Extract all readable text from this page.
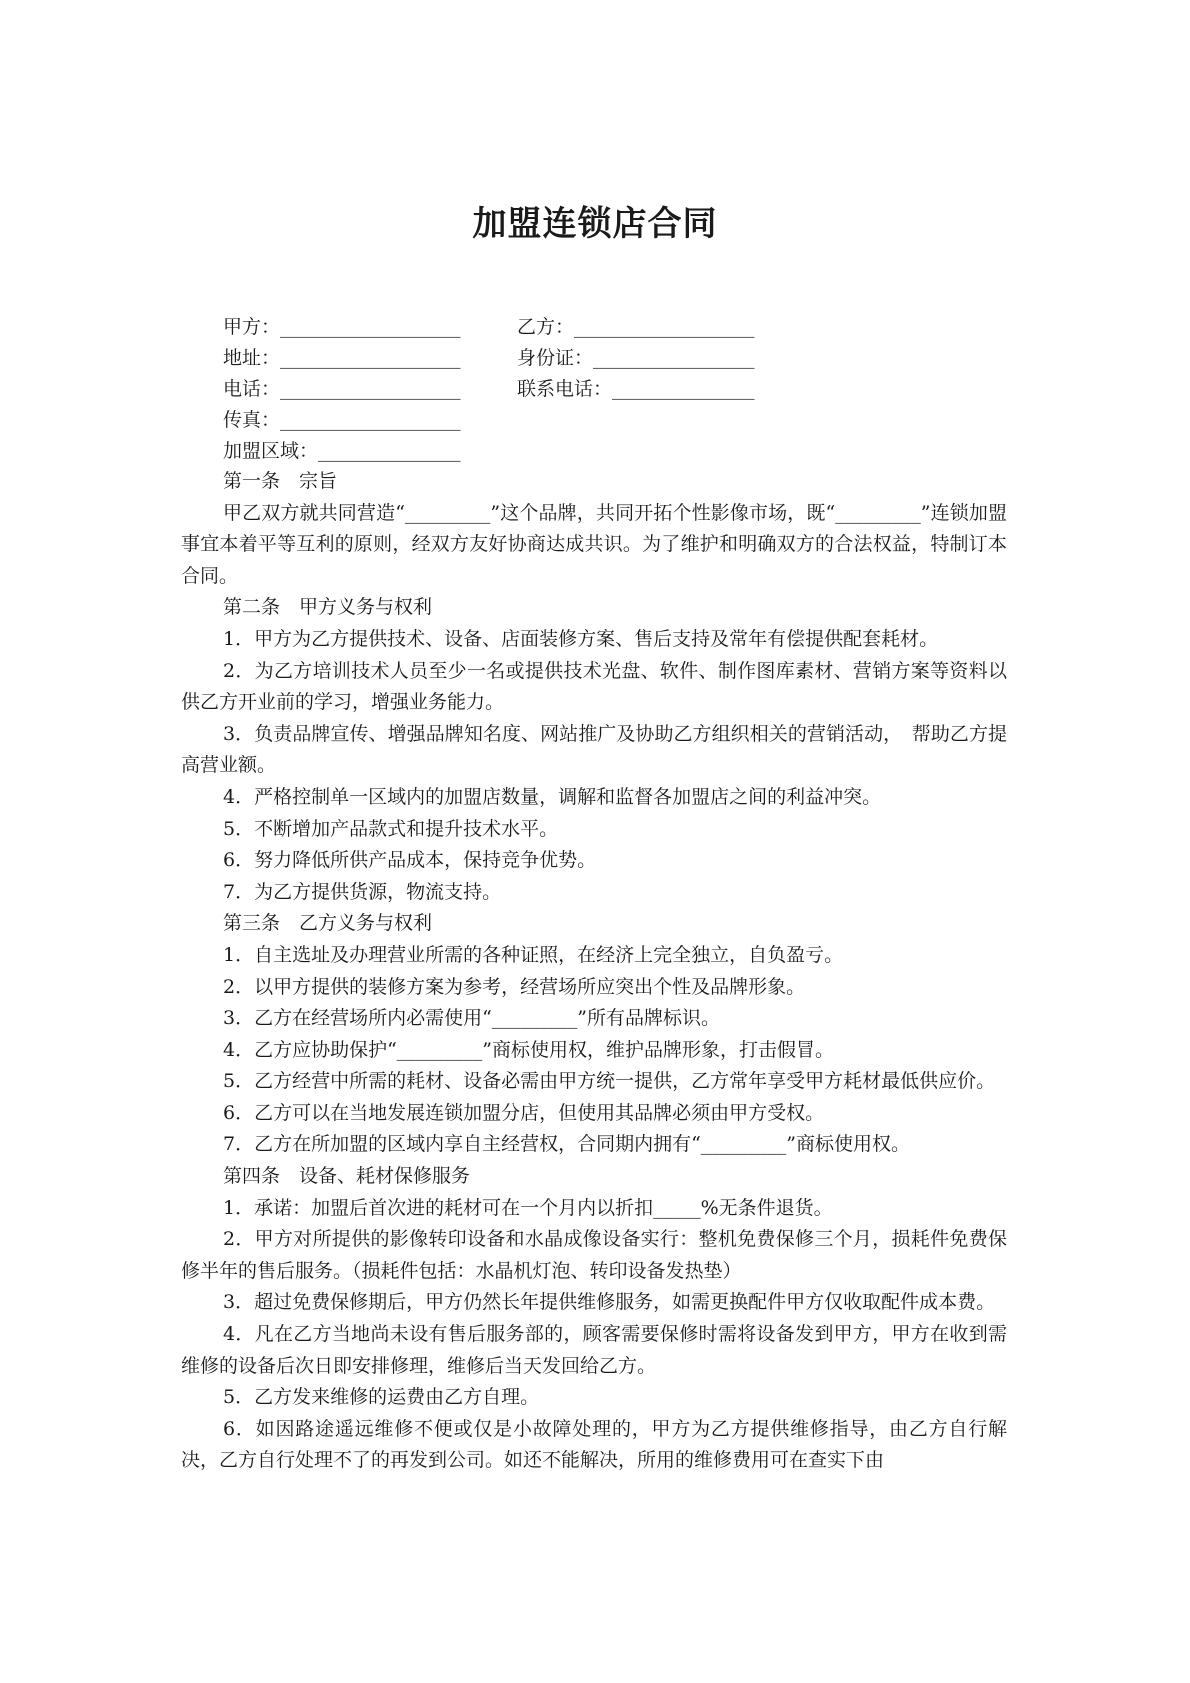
加盟连锁店合同
甲方：___________________	乙方：___________________
地址：___________________	身份证：_________________
电话：___________________	联系电话：_______________
传真：___________________
加盟区域：_______________

第一条　宗旨

甲乙双方就共同营造“_________”这个品牌，共同开拓个性影像市场，既“_________”连锁加盟事宜本着平等互利的原则，经双方友好协商达成共识。为了维护和明确双方的合法权益，特制订本合同。

第二条　甲方义务与权利

1．甲方为乙方提供技术、设备、店面装修方案、售后支持及常年有偿提供配套耗材。

2．为乙方培训技术人员至少一名或提供技术光盘、软件、制作图库素材、营销方案等资料以供乙方开业前的学习，增强业务能力。

3．负责品牌宣传、增强品牌知名度、网站推广及协助乙方组织相关的营销活动，　帮助乙方提高营业额。

4．严格控制单一区域内的加盟店数量，调解和监督各加盟店之间的利益冲突。

5．不断增加产品款式和提升技术水平。

6．努力降低所供产品成本，保持竞争优势。

7．为乙方提供货源，物流支持。

第三条　乙方义务与权利

1．自主选址及办理营业所需的各种证照，在经济上完全独立，自负盈亏。

2．以甲方提供的装修方案为参考，经营场所应突出个性及品牌形象。

3．乙方在经营场所内必需使用“_________”所有品牌标识。

4．乙方应协助保护“_________”商标使用权，维护品牌形象，打击假冒。

5．乙方经营中所需的耗材、设备必需由甲方统一提供，乙方常年享受甲方耗材最低供应价。

6．乙方可以在当地发展连锁加盟分店，但使用其品牌必须由甲方受权。

7．乙方在所加盟的区域内享自主经营权，合同期内拥有“_________”商标使用权。

第四条　设备、耗材保修服务

1．承诺：加盟后首次进的耗材可在一个月内以折扣_____%无条件退货。

2．甲方对所提供的影像转印设备和水晶成像设备实行：整机免费保修三个月，损耗件免费保修半年的售后服务。（损耗件包括：水晶机灯泡、转印设备发热垫）

3．超过免费保修期后，甲方仍然长年提供维修服务，如需更换配件甲方仅收取配件成本费。

4．凡在乙方当地尚未设有售后服务部的，顾客需要保修时需将设备发到甲方，甲方在收到需维修的设备后次日即安排修理，维修后当天发回给乙方。

5．乙方发来维修的运费由乙方自理。

6．如因路途遥远维修不便或仅是小故障处理的，甲方为乙方提供维修指导，由乙方自行解决，乙方自行处理不了的再发到公司。如还不能解决，所用的维修费用可在查实下由
